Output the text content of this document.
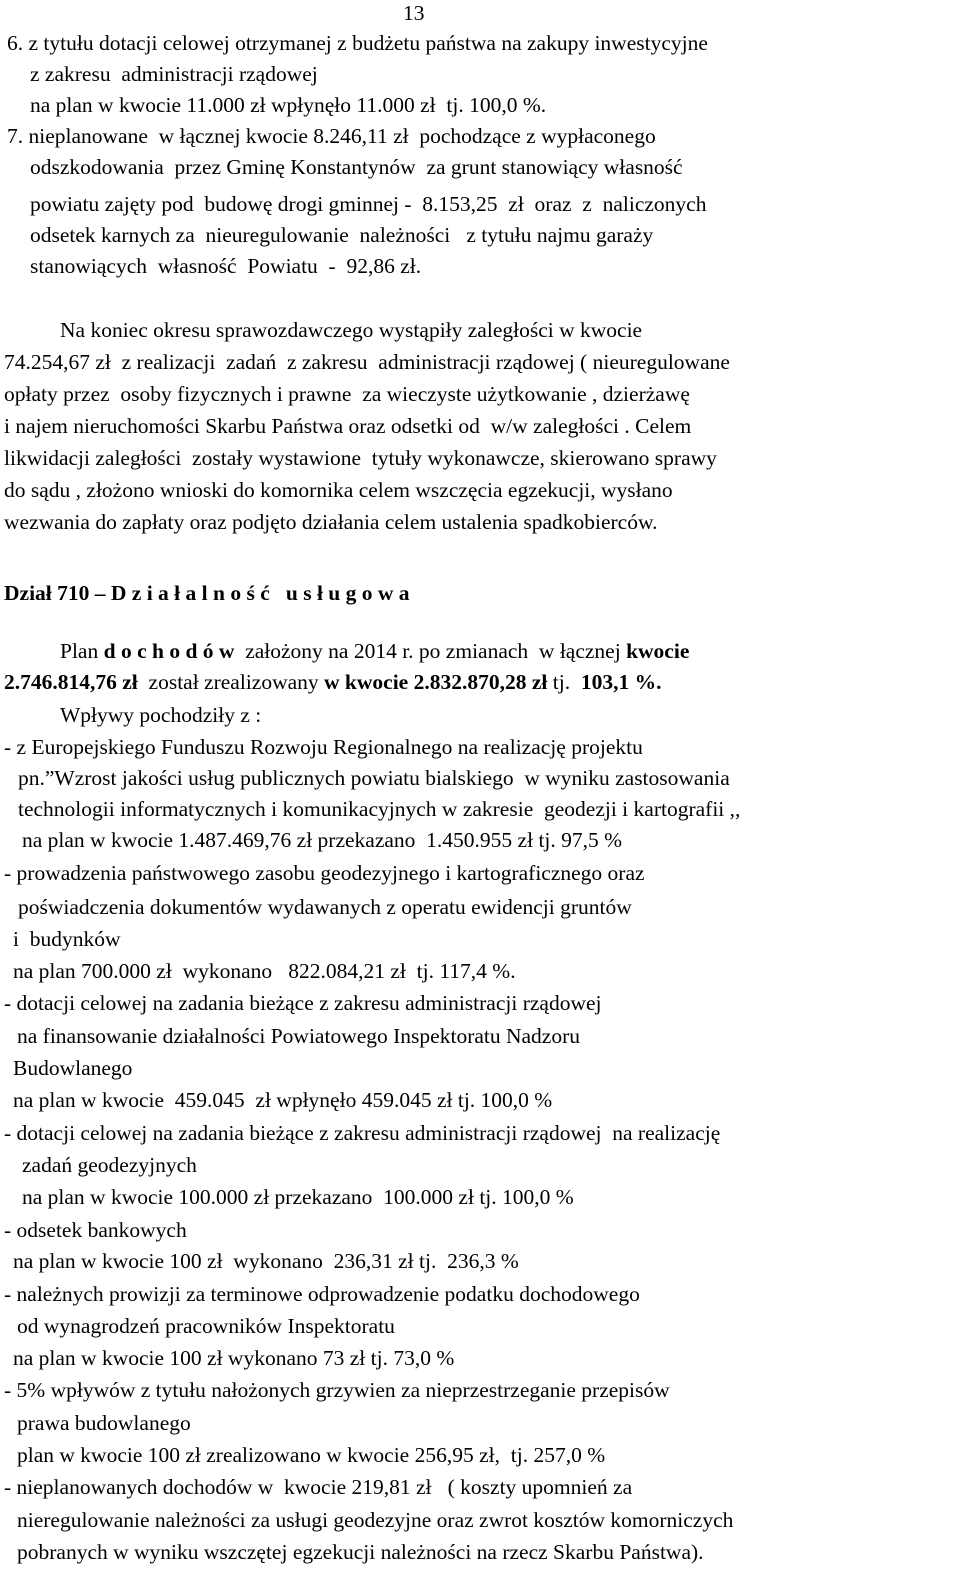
13
6. z tytułu dotacji celowej otrzymanej z budżetu państwa na zakupy inwestycyjne
z zakresu  administracji rządowej
na plan w kwocie 11.000 zł wpłynęło 11.000 zł  tj. 100,0 %.
7. nieplanowane  w łącznej kwocie 8.246,11 zł  pochodzące z wypłaconego
odszkodowania  przez Gminę Konstantynów  za grunt stanowiący własność
powiatu zajęty pod  budowę drogi gminnej -  8.153,25  zł  oraz  z  naliczonych
odsetek karnych za  nieuregulowanie  należności   z tytułu najmu garaży
stanowiących  własność  Powiatu  -  92,86 zł.
Na koniec okresu sprawozdawczego wystąpiły zaległości w kwocie
74.254,67 zł  z realizacji  zadań  z zakresu  administracji rządowej ( nieuregulowane
opłaty przez  osoby fizycznych i prawne  za wieczyste użytkowanie , dzierżawę
i najem nieruchomości Skarbu Państwa oraz odsetki od  w/w zaległości . Celem
likwidacji zaległości  zostały wystawione  tytuły wykonawcze, skierowano sprawy
do sądu , złożono wnioski do komornika celem wszczęcia egzekucji, wysłano
wezwania do zapłaty oraz podjęto działania celem ustalenia spadkobierców.
Dział 710 – D z i a ł a l n o ś ć   u s ł u g o w a
Plan d o c h o d ó w  założony na 2014 r. po zmianach  w łącznej kwocie
2.746.814,76 zł  został zrealizowany w kwocie 2.832.870,28 zł tj.  103,1 %.
Wpływy pochodziły z :
- z Europejskiego Funduszu Rozwoju Regionalnego na realizację projektu
pn.”Wzrost jakości usług publicznych powiatu bialskiego  w wyniku zastosowania
technologii informatycznych i komunikacyjnych w zakresie  geodezji i kartografii ,,
na plan w kwocie 1.487.469,76 zł przekazano  1.450.955 zł tj. 97,5 %
- prowadzenia państwowego zasobu geodezyjnego i kartograficznego oraz
poświadczenia dokumentów wydawanych z operatu ewidencji gruntów
i  budynków
na plan 700.000 zł  wykonano   822.084,21 zł  tj. 117,4 %.
- dotacji celowej na zadania bieżące z zakresu administracji rządowej
na finansowanie działalności Powiatowego Inspektoratu Nadzoru
Budowlanego
na plan w kwocie  459.045  zł wpłynęło 459.045 zł tj. 100,0 %
- dotacji celowej na zadania bieżące z zakresu administracji rządowej  na realizację
zadań geodezyjnych
na plan w kwocie 100.000 zł przekazano  100.000 zł tj. 100,0 %
- odsetek bankowych
na plan w kwocie 100 zł  wykonano  236,31 zł tj.  236,3 %
- należnych prowizji za terminowe odprowadzenie podatku dochodowego
od wynagrodzeń pracowników Inspektoratu
na plan w kwocie 100 zł wykonano 73 zł tj. 73,0 %
- 5% wpływów z tytułu nałożonych grzywien za nieprzestrzeganie przepisów
prawa budowlanego
plan w kwocie 100 zł zrealizowano w kwocie 256,95 zł,  tj. 257,0 %
- nieplanowanych dochodów w  kwocie 219,81 zł   ( koszty upomnień za
nieregulowanie należności za usługi geodezyjne oraz zwrot kosztów komorniczych
pobranych w wyniku wszczętej egzekucji należności na rzecz Skarbu Państwa).
